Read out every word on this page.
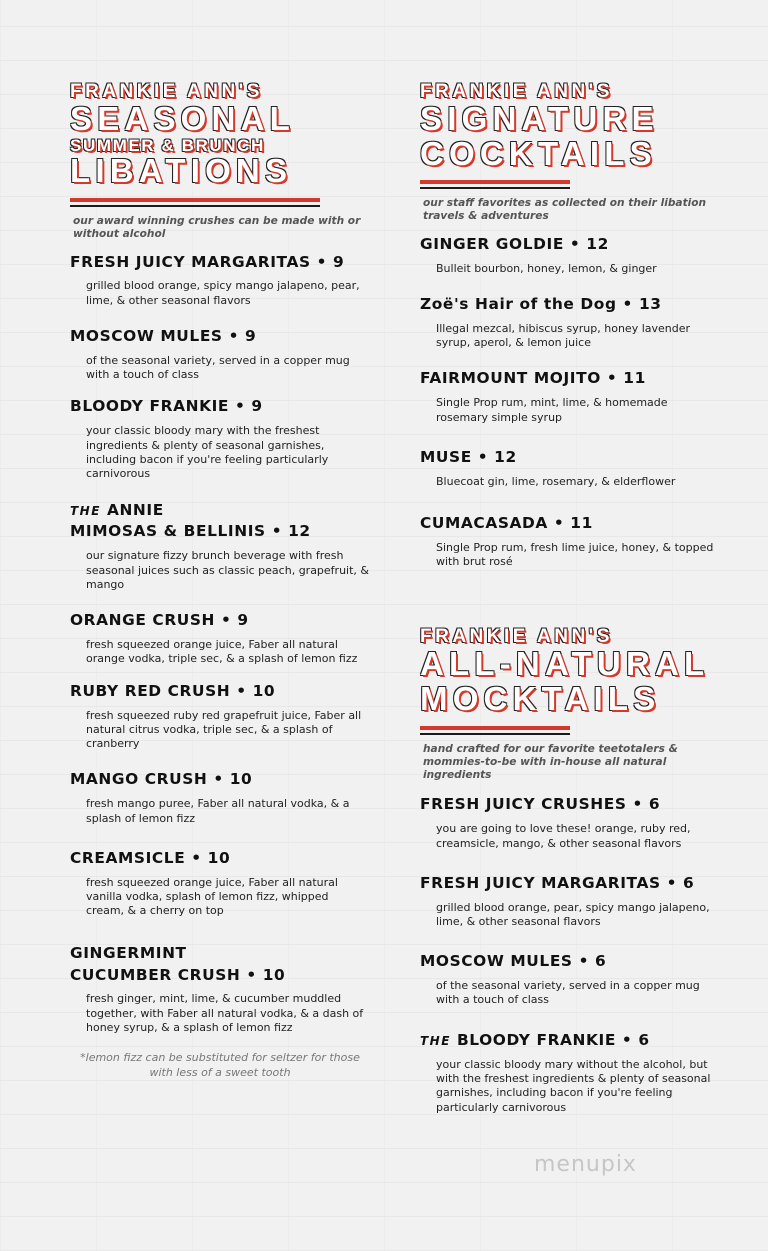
FRANKIE ANN'S
SEASONAL
SUMMER & BRUNCH
LIBATIONS
our award winning crushes can be made with or without alcohol
FRESH JUICY MARGARITAS • 9
grilled blood orange, spicy mango jalapeno, pear, lime, & other seasonal flavors
MOSCOW MULES • 9
of the seasonal variety, served in a copper mug with a touch of class
BLOODY FRANKIE • 9
your classic bloody mary with the freshest ingredients & plenty of seasonal garnishes, including bacon if you're feeling particularly carnivorous
THE ANNIE
MIMOSAS & BELLINIS • 12
our signature fizzy brunch beverage with fresh seasonal juices such as classic peach, grapefruit, & mango
ORANGE CRUSH • 9
fresh squeezed orange juice, Faber all natural orange vodka, triple sec, & a splash of lemon fizz
RUBY RED CRUSH • 10
fresh squeezed ruby red grapefruit juice, Faber all natural citrus vodka, triple sec, & a splash of cranberry
MANGO CRUSH • 10
fresh mango puree, Faber all natural vodka, & a splash of lemon fizz
CREAMSICLE • 10
fresh squeezed orange juice, Faber all natural vanilla vodka, splash of lemon fizz, whipped cream, & a cherry on top
GINGERMINT
CUCUMBER CRUSH • 10
fresh ginger, mint, lime, & cucumber muddled together, with Faber all natural vodka, & a dash of honey syrup, & a splash of lemon fizz
*lemon fizz can be substituted for seltzer for those with less of a sweet tooth
FRANKIE ANN'S
SIGNATURE
COCKTAILS
our staff favorites as collected on their libation travels & adventures
GINGER GOLDIE • 12
Bulleit bourbon, honey, lemon, & ginger
Zoë's Hair of the Dog • 13
Illegal mezcal, hibiscus syrup, honey lavender syrup, aperol, & lemon juice
FAIRMOUNT MOJITO • 11
Single Prop rum, mint, lime, & homemade rosemary simple syrup
MUSE • 12
Bluecoat gin, lime, rosemary, & elderflower
CUMACASADA • 11
Single Prop rum, fresh lime juice, honey, & topped with brut rosé
FRANKIE ANN'S
ALL-NATURAL
MOCKTAILS
hand crafted for our favorite teetotalers & mommies-to-be with in-house all natural ingredients
FRESH JUICY CRUSHES • 6
you are going to love these! orange, ruby red, creamsicle, mango, & other seasonal flavors
FRESH JUICY MARGARITAS • 6
grilled blood orange, pear, spicy mango jalapeno, lime, & other seasonal flavors
MOSCOW MULES • 6
of the seasonal variety, served in a copper mug with a touch of class
THE BLOODY FRANKIE • 6
your classic bloody mary without the alcohol, but with the freshest ingredients & plenty of seasonal garnishes, including bacon if you're feeling particularly carnivorous
menupix
